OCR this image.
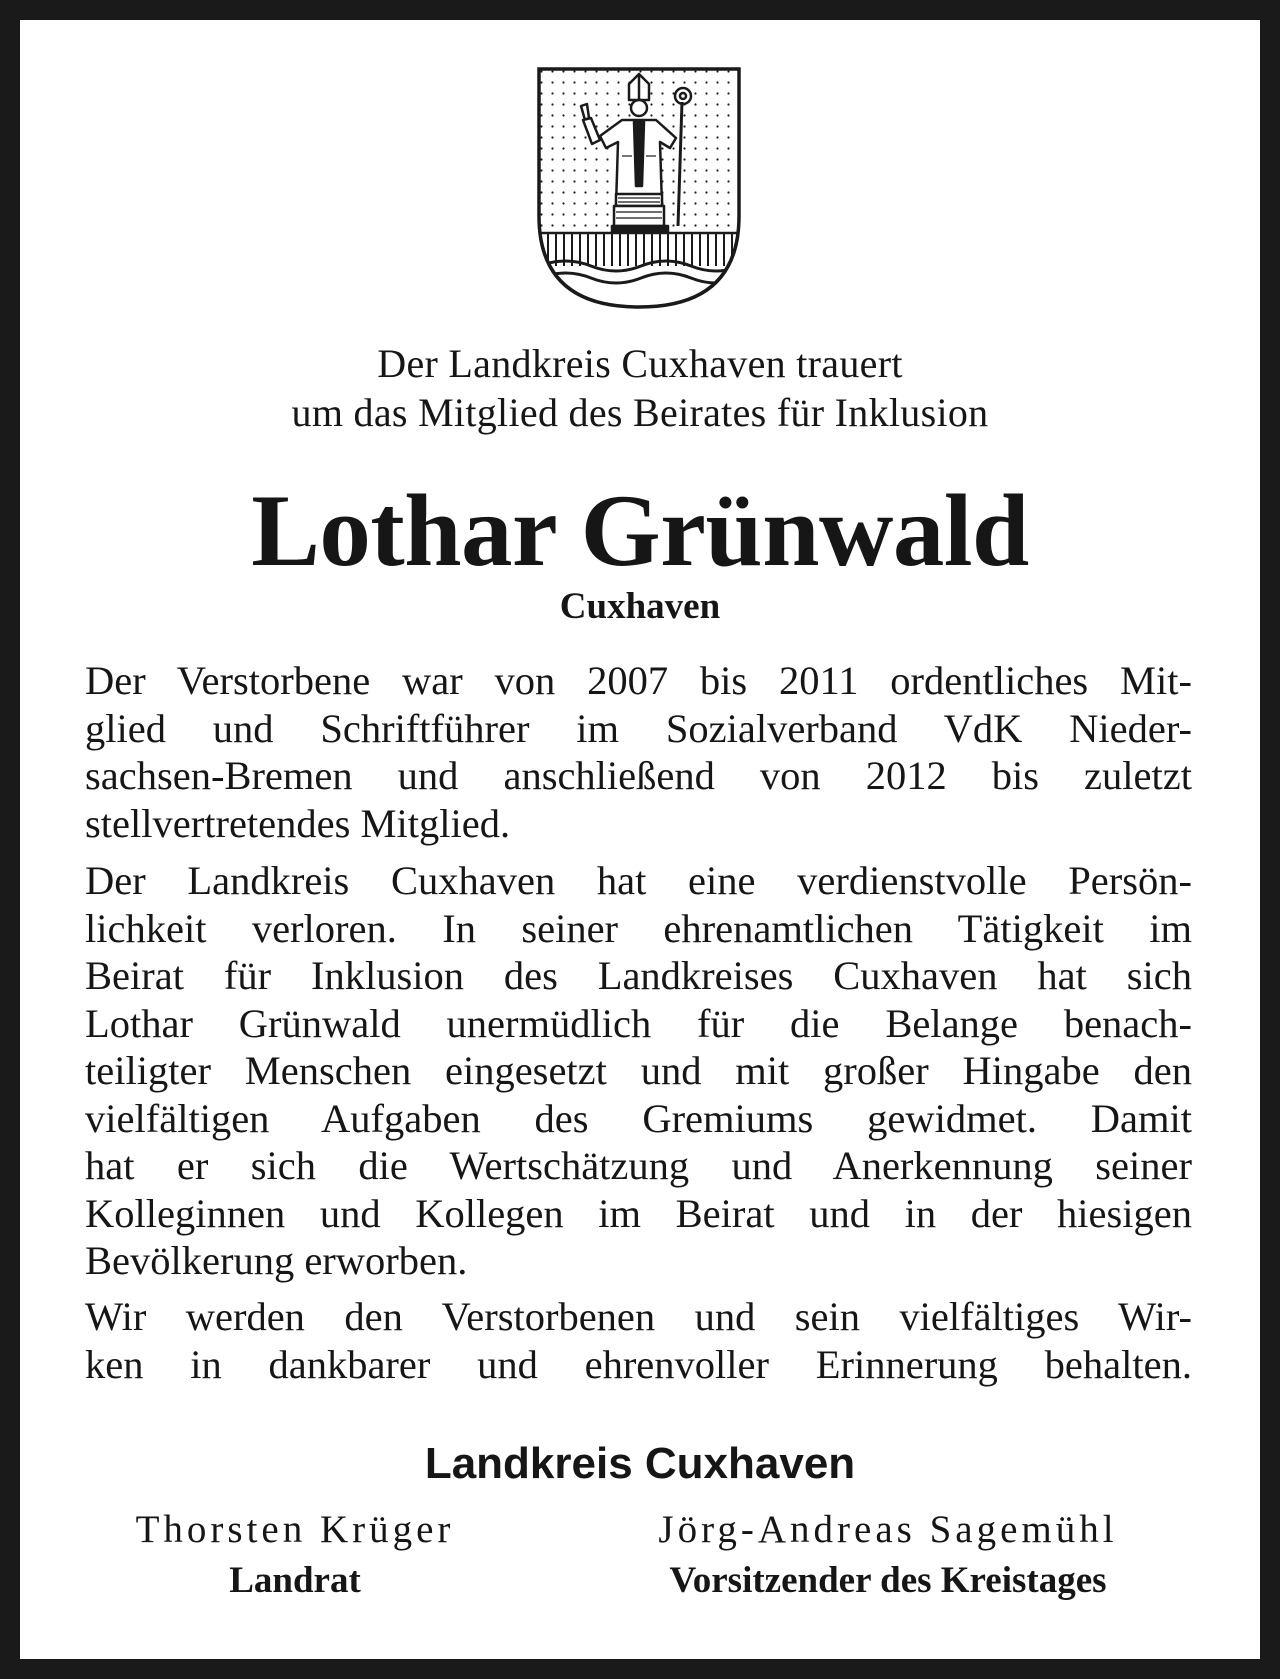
Der Landkreis Cuxhaven trauert
um das Mitglied des Beirates für Inklusion
Lothar Grünwald
Cuxhaven
Der Verstorbene war von 2007 bis 2011 ordentliches Mit-
glied und Schriftführer im Sozialverband VdK Nieder-
sachsen-Bremen und anschließend von 2012 bis zuletzt
stellvertretendes Mitglied.
Der Landkreis Cuxhaven hat eine verdienstvolle Persön-
lichkeit verloren. In seiner ehrenamtlichen Tätigkeit im
Beirat für Inklusion des Landkreises Cuxhaven hat sich
Lothar Grünwald unermüdlich für die Belange benach-
teiligter Menschen eingesetzt und mit großer Hingabe den
vielfältigen Aufgaben des Gremiums gewidmet. Damit
hat er sich die Wertschätzung und Anerkennung seiner
Kolleginnen und Kollegen im Beirat und in der hiesigen
Bevölkerung erworben.
Wir werden den Verstorbenen und sein vielfältiges Wir-
ken in dankbarer und ehrenvoller Erinnerung behalten.
Landkreis Cuxhaven
Thorsten Krüger	Jörg-Andreas Sagemühl
Landrat	Vorsitzender des Kreistages
